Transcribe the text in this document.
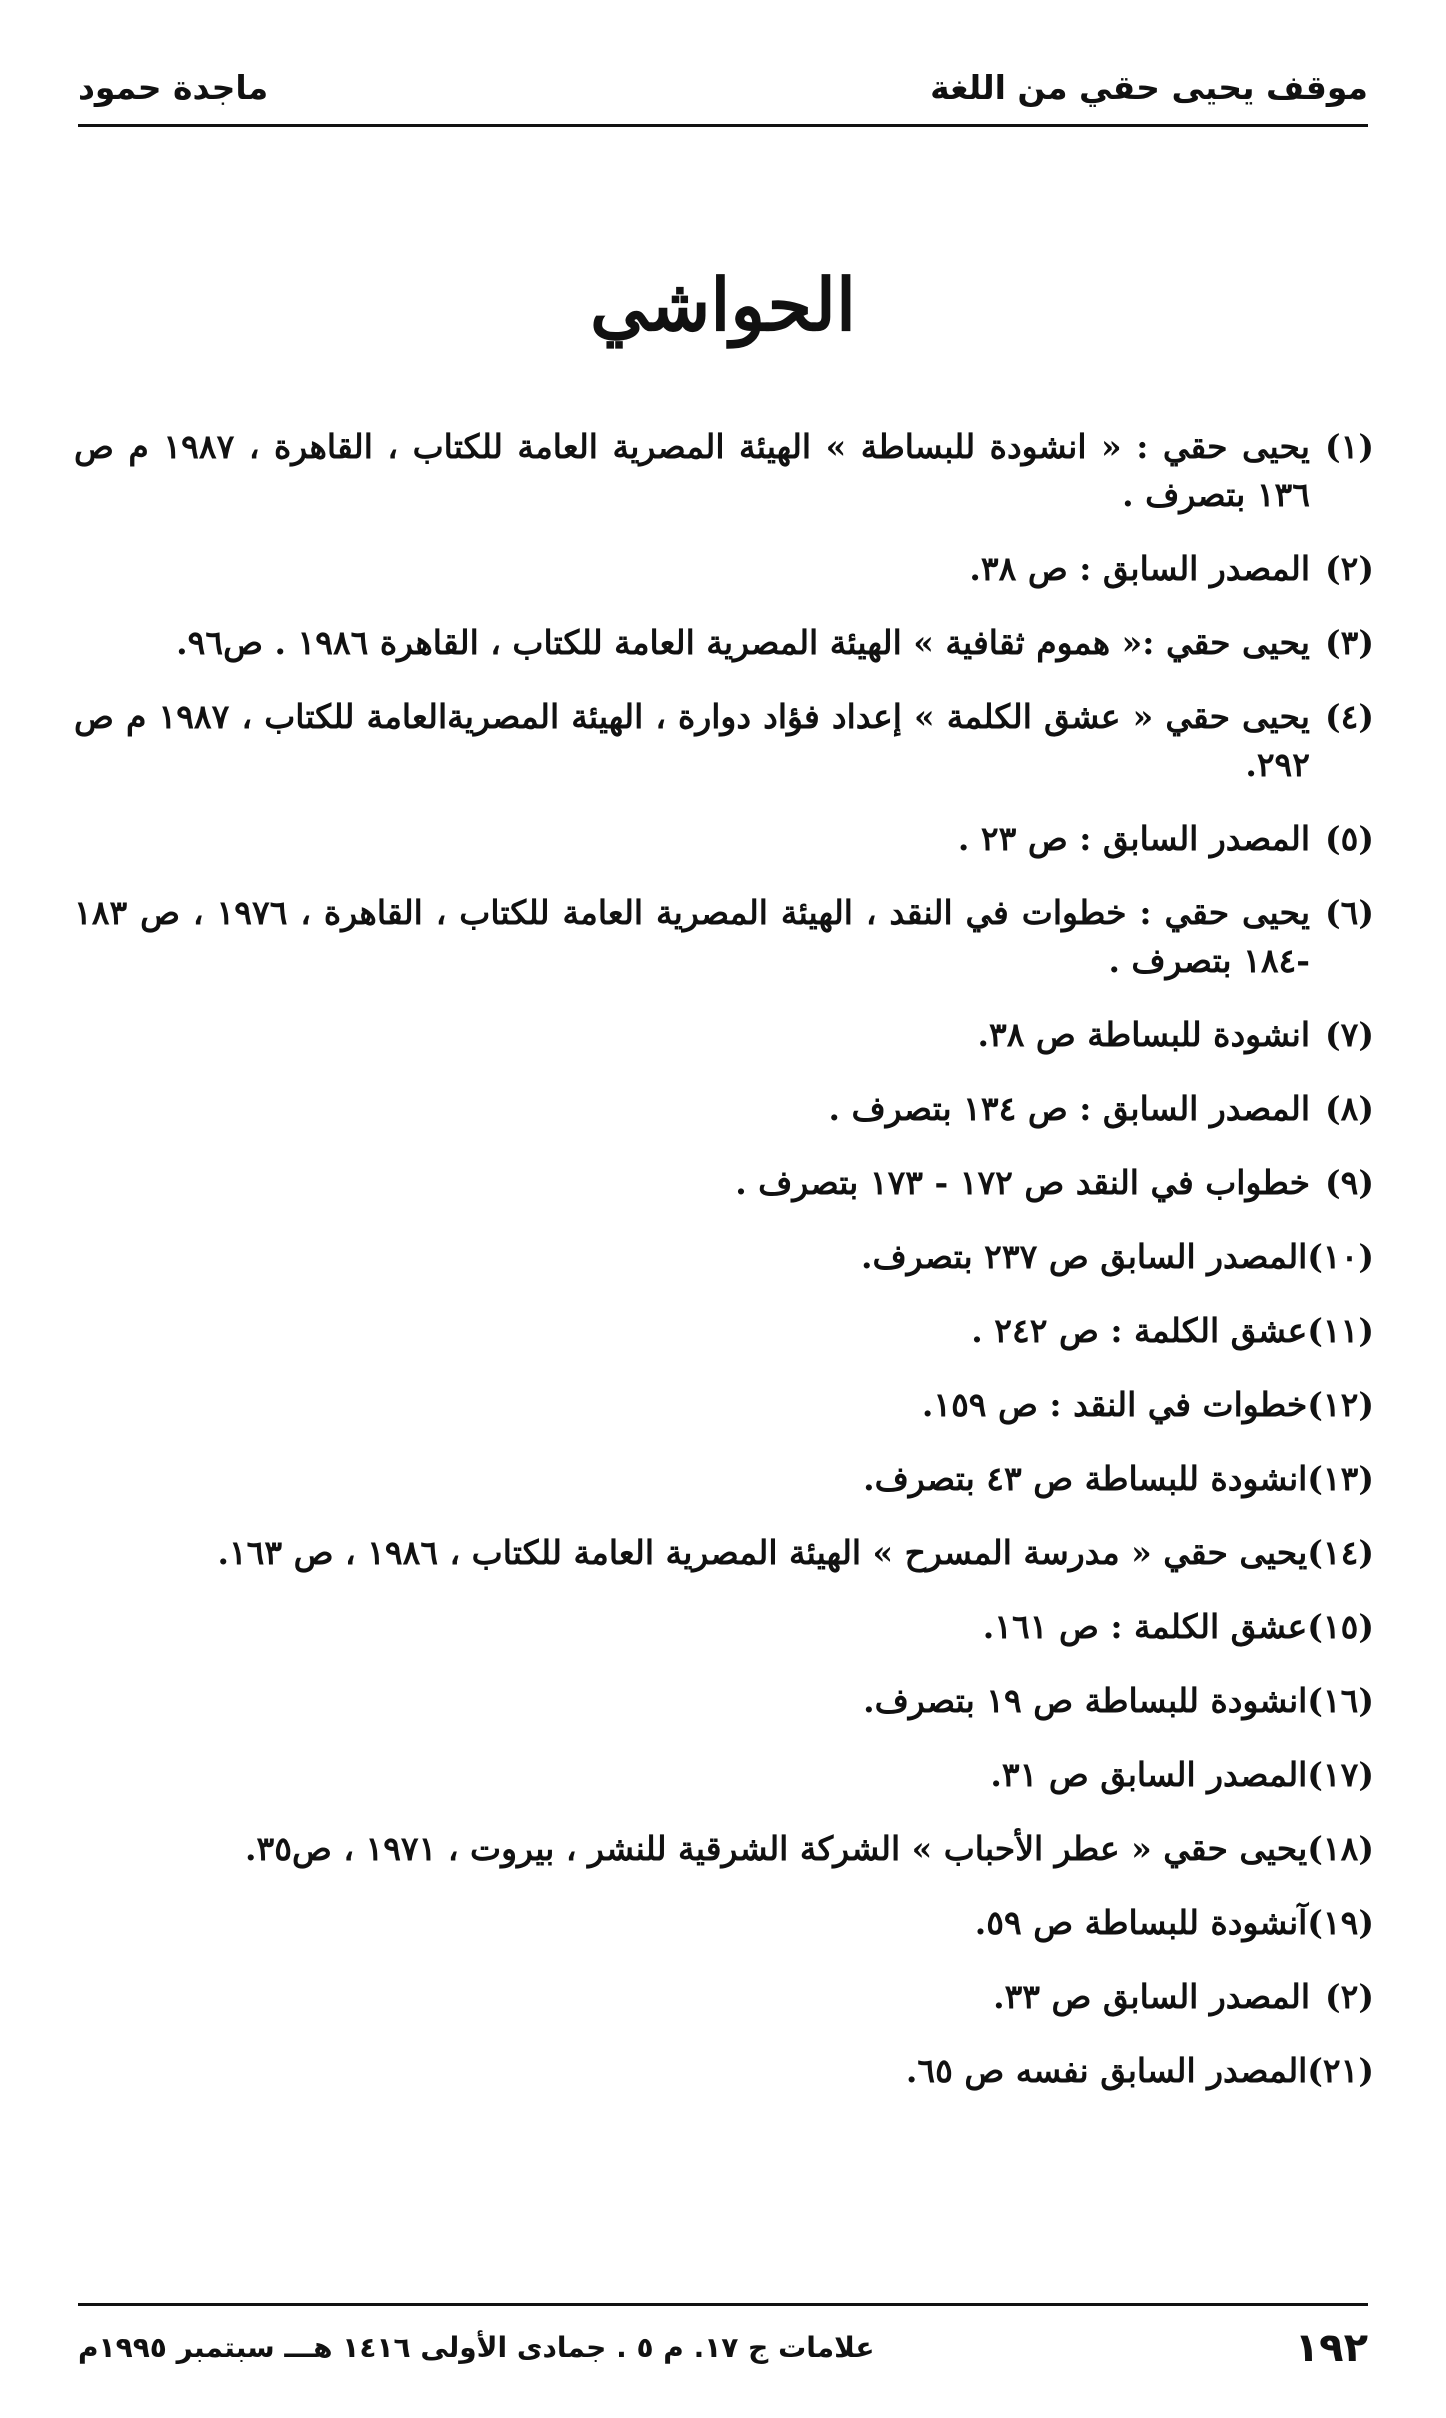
موقف يحيى حقي من اللغة
ماجدة حمود
الحواشي
(١)يحيى حقي : « انشودة للبساطة » الهيئة المصرية العامة للكتاب ، القاهرة ، ١٩٨٧ م ص ١٣٦ بتصرف .
(٢)المصدر السابق : ص ٣٨.
(٣)يحيى حقي :« هموم ثقافية » الهيئة المصرية العامة للكتاب ، القاهرة ١٩٨٦ . ص٩٦.
(٤)يحيى حقي « عشق الكلمة » إعداد فؤاد دوارة ، الهيئة المصريةالعامة للكتاب ، ١٩٨٧ م ص ٢٩٢.
(٥)المصدر السابق : ص ٢٣ .
(٦)يحيى حقي : خطوات في النقد ، الهيئة المصرية العامة للكتاب ، القاهرة ، ١٩٧٦ ، ص ١٨٣ -١٨٤ بتصرف .
(٧)انشودة للبساطة ص ٣٨.
(٨)المصدر السابق : ص ١٣٤ بتصرف .
(٩)خطواب في النقد ص ١٧٢ - ١٧٣ بتصرف .
(١٠)المصدر السابق ص ٢٣٧ بتصرف.
(١١)عشق الكلمة : ص ٢٤٢ .
(١٢)خطوات في النقد : ص ١٥٩.
(١٣)انشودة للبساطة ص ٤٣ بتصرف.
(١٤)يحيى حقي « مدرسة المسرح » الهيئة المصرية العامة للكتاب ، ١٩٨٦ ، ص ١٦٣.
(١٥)عشق الكلمة : ص ١٦١.
(١٦)انشودة للبساطة ص ١٩ بتصرف.
(١٧)المصدر السابق ص ٣١.
(١٨)يحيى حقي « عطر الأحباب » الشركة الشرقية للنشر ، بيروت ، ١٩٧١ ، ص٣٥.
(١٩)آنشودة للبساطة ص ٥٩.
(٢)المصدر السابق ص ٣٣.
(٢١)المصدر السابق نفسه ص ٦٥.
١٩٢
علامات ج ١٧. م ٥ . جمادى الأولى ١٤١٦ هـــ سبتمبر ١٩٩٥م
